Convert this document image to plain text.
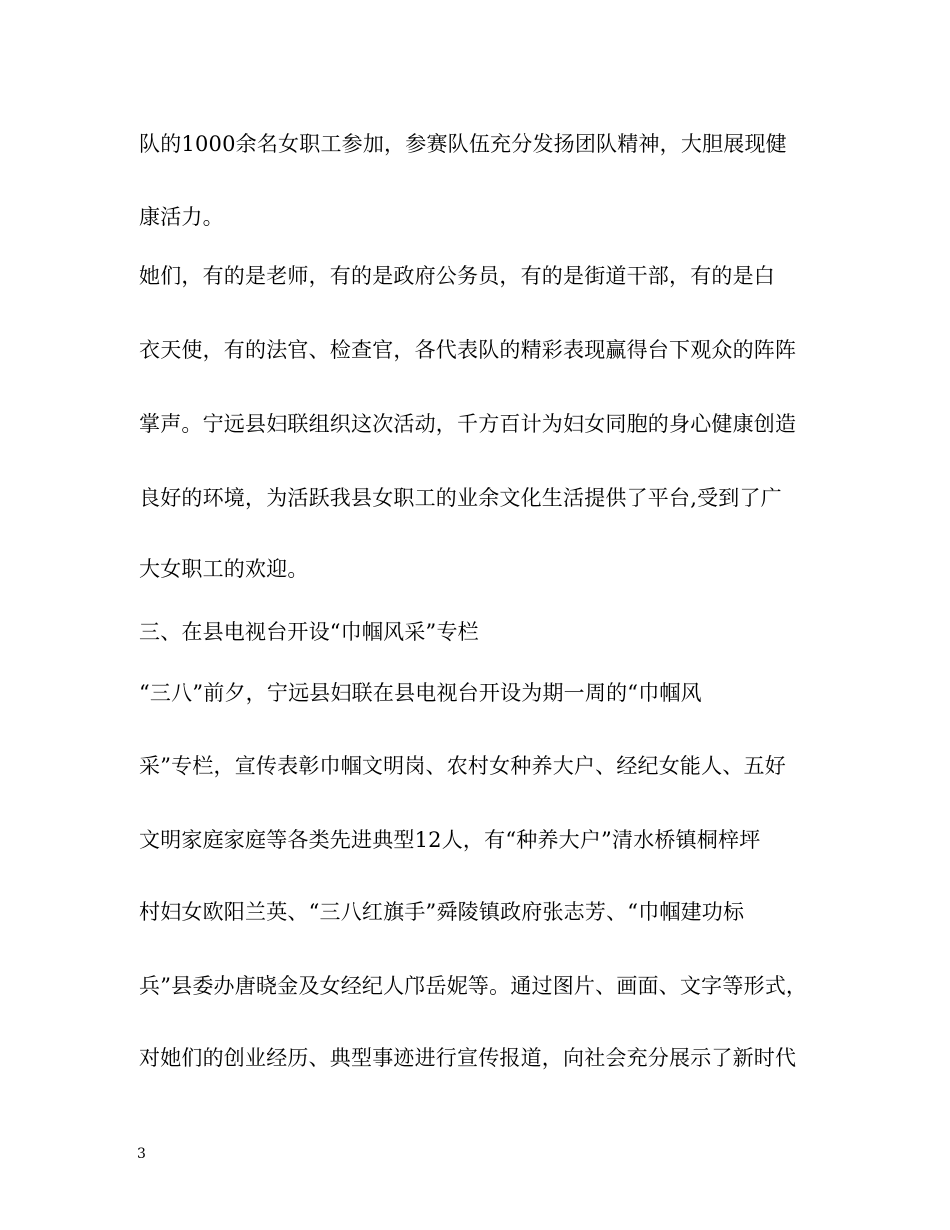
队的1000余名女职工参加，参赛队伍充分发扬团队精神，大胆展现健
康活力。
她们，有的是老师，有的是政府公务员，有的是街道干部，有的是白
衣天使，有的法官、检查官，各代表队的精彩表现赢得台下观众的阵阵
掌声。宁远县妇联组织这次活动，千方百计为妇女同胞的身心健康创造
良好的环境，为活跃我县女职工的业余文化生活提供了平台,受到了广
大女职工的欢迎。
三、在县电视台开设“巾帼风采”专栏
“三八”前夕，宁远县妇联在县电视台开设为期一周的“巾帼风
采”专栏，宣传表彰巾帼文明岗、农村女种养大户、经纪女能人、五好
文明家庭家庭等各类先进典型12人，有“种养大户”清水桥镇桐梓坪
村妇女欧阳兰英、“三八红旗手”舜陵镇政府张志芳、“巾帼建功标
兵”县委办唐晓金及女经纪人邝岳妮等。通过图片、画面、文字等形式，
对她们的创业经历、典型事迹进行宣传报道，向社会充分展示了新时代
3
